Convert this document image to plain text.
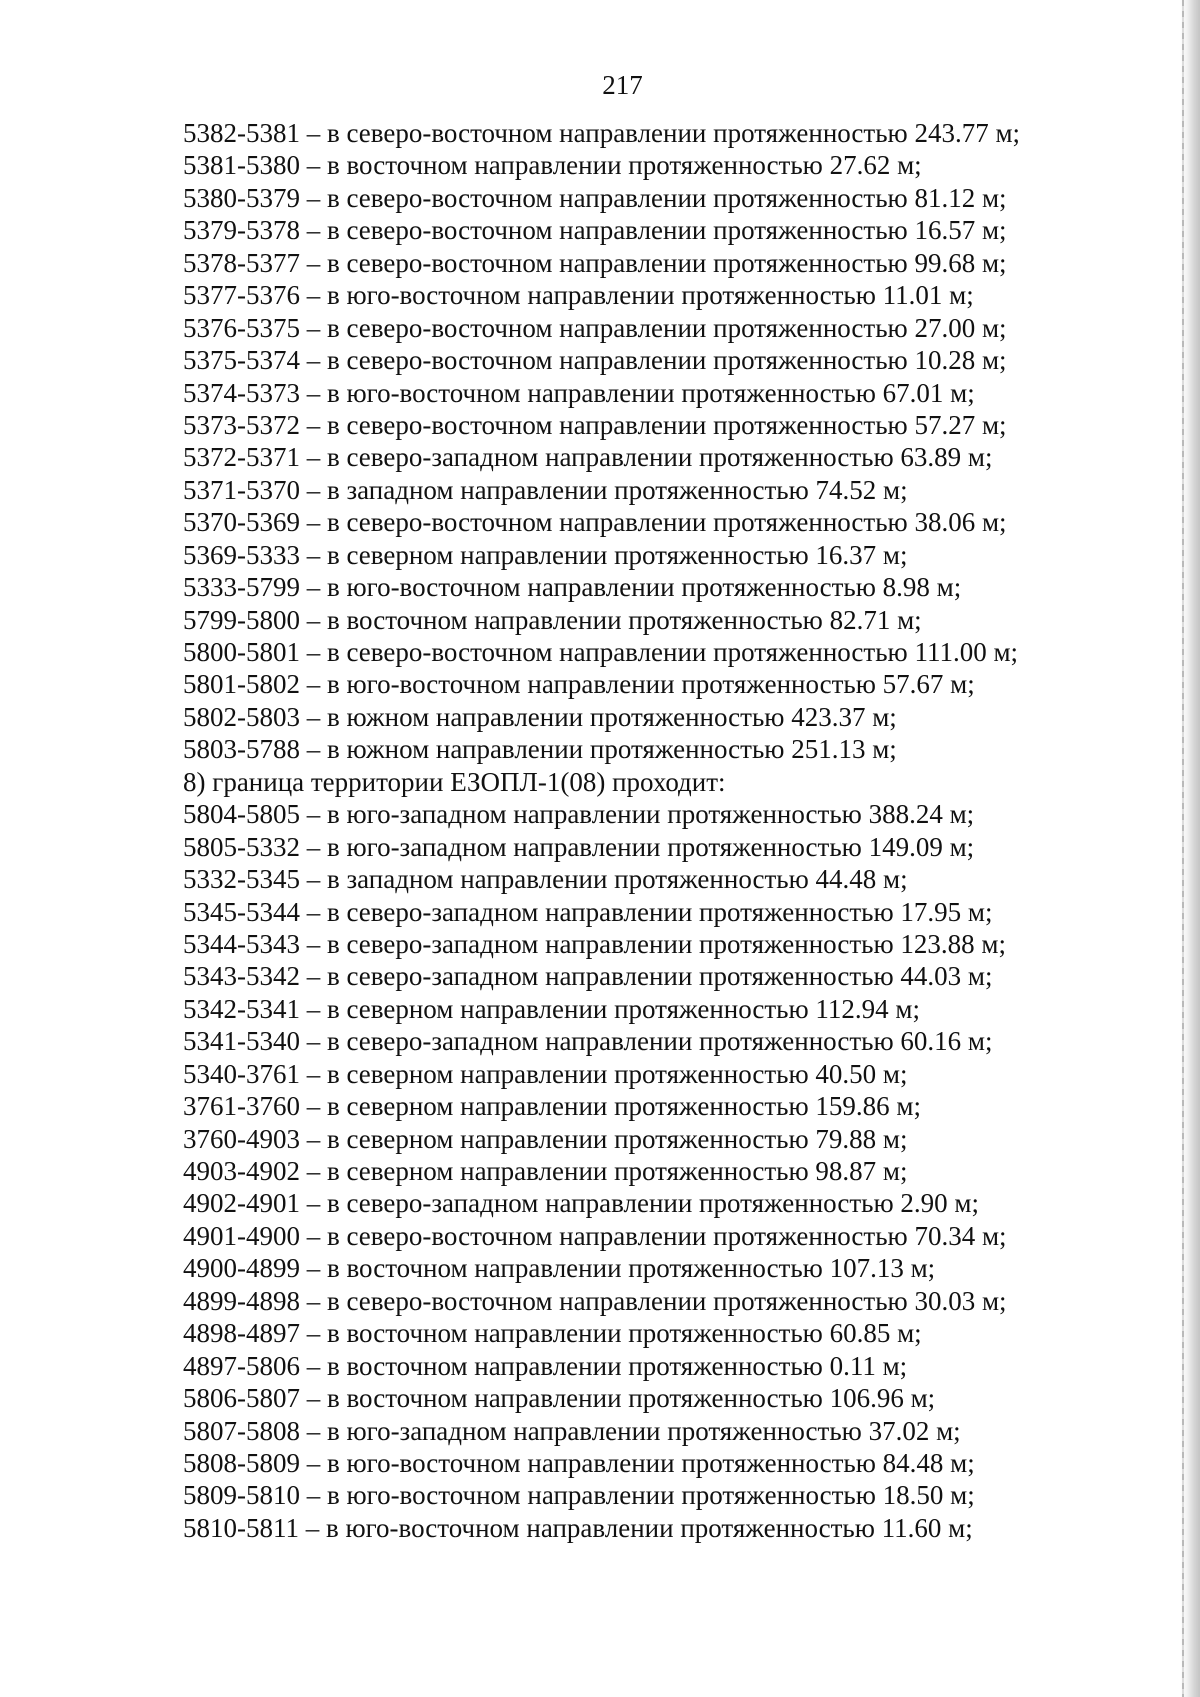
217
5382-5381 – в северо-восточном направлении протяженностью 243.77 м;
5381-5380 – в восточном направлении протяженностью 27.62 м;
5380-5379 – в северо-восточном направлении протяженностью 81.12 м;
5379-5378 – в северо-восточном направлении протяженностью 16.57 м;
5378-5377 – в северо-восточном направлении протяженностью 99.68 м;
5377-5376 – в юго-восточном направлении протяженностью 11.01 м;
5376-5375 – в северо-восточном направлении протяженностью 27.00 м;
5375-5374 – в северо-восточном направлении протяженностью 10.28 м;
5374-5373 – в юго-восточном направлении протяженностью 67.01 м;
5373-5372 – в северо-восточном направлении протяженностью 57.27 м;
5372-5371 – в северо-западном направлении протяженностью 63.89 м;
5371-5370 – в западном направлении протяженностью 74.52 м;
5370-5369 – в северо-восточном направлении протяженностью 38.06 м;
5369-5333 – в северном направлении протяженностью 16.37 м;
5333-5799 – в юго-восточном направлении протяженностью 8.98 м;
5799-5800 – в восточном направлении протяженностью 82.71 м;
5800-5801 – в северо-восточном направлении протяженностью 111.00 м;
5801-5802 – в юго-восточном направлении протяженностью 57.67 м;
5802-5803 – в южном направлении протяженностью 423.37 м;
5803-5788 – в южном направлении протяженностью 251.13 м;
8) граница территории ЕЗОПЛ-1(08) проходит:
5804-5805 – в юго-западном направлении протяженностью 388.24 м;
5805-5332 – в юго-западном направлении протяженностью 149.09 м;
5332-5345 – в западном направлении протяженностью 44.48 м;
5345-5344 – в северо-западном направлении протяженностью 17.95 м;
5344-5343 – в северо-западном направлении протяженностью 123.88 м;
5343-5342 – в северо-западном направлении протяженностью 44.03 м;
5342-5341 – в северном направлении протяженностью 112.94 м;
5341-5340 – в северо-западном направлении протяженностью 60.16 м;
5340-3761 – в северном направлении протяженностью 40.50 м;
3761-3760 – в северном направлении протяженностью 159.86 м;
3760-4903 – в северном направлении протяженностью 79.88 м;
4903-4902 – в северном направлении протяженностью 98.87 м;
4902-4901 – в северо-западном направлении протяженностью 2.90 м;
4901-4900 – в северо-восточном направлении протяженностью 70.34 м;
4900-4899 – в восточном направлении протяженностью 107.13 м;
4899-4898 – в северо-восточном направлении протяженностью 30.03 м;
4898-4897 – в восточном направлении протяженностью 60.85 м;
4897-5806 – в восточном направлении протяженностью 0.11 м;
5806-5807 – в восточном направлении протяженностью 106.96 м;
5807-5808 – в юго-западном направлении протяженностью 37.02 м;
5808-5809 – в юго-восточном направлении протяженностью 84.48 м;
5809-5810 – в юго-восточном направлении протяженностью 18.50 м;
5810-5811 – в юго-восточном направлении протяженностью 11.60 м;
